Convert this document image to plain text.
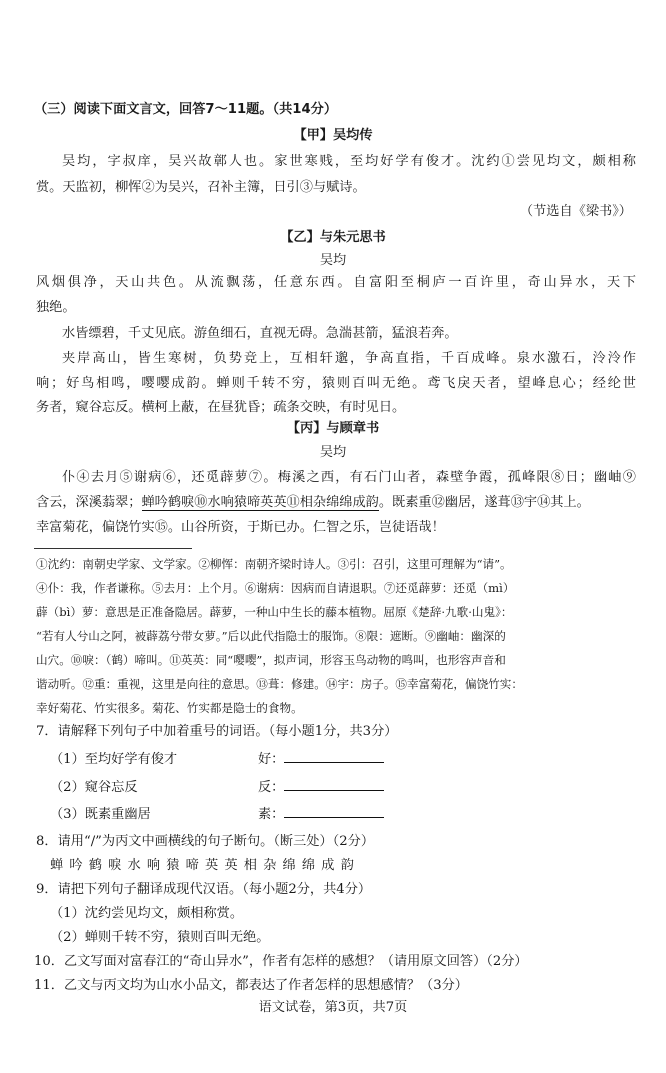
（三）阅读下面文言文，回答7～11题。（共14分）
【甲】吴均传
吴均，字叔庠，吴兴故鄣人也。家世寒贱，至均好学有俊才。沈约①尝见均文，颇相称
赏。天监初，柳恽②为吴兴，召补主簿，日引③与赋诗。
（节选自《梁书》）
【乙】与朱元思书
吴均
风烟俱净，天山共色。从流飘荡，任意东西。自富阳至桐庐一百许里，奇山异水，天下
独绝。
水皆缥碧，千丈见底。游鱼细石，直视无碍。急湍甚箭，猛浪若奔。
夹岸高山，皆生寒树，负势竞上，互相轩邈，争高直指，千百成峰。泉水激石，泠泠作
响；好鸟相鸣，嘤嘤成韵。蝉则千转不穷，猿则百叫无绝。鸢飞戾天者，望峰息心；经纶世
务者，窥谷忘反。横柯上蔽，在昼犹昏；疏条交映，有时见日。
【丙】与顾章书
吴均
仆④去月⑤谢病⑥，还觅薜萝⑦。梅溪之西，有石门山者，森壁争霞，孤峰限⑧日；幽岫⑨
含云，深溪蓊翠；蝉吟鹤唳⑩水响猿啼英英⑪相杂绵绵成韵。既素重⑫幽居，遂葺⑬宇⑭其上。
幸富菊花，偏饶竹实⑮。山谷所资，于斯已办。仁智之乐，岂徒语哉！
①沈约：南朝史学家、文学家。②柳恽：南朝齐梁时诗人。③引：召引，这里可理解为“请”。
④仆：我，作者谦称。⑤去月：上个月。⑥谢病：因病而自请退职。⑦还觅薜萝：还觅（mì）
薜（bì）萝：意思是正准备隐居。薜萝，一种山中生长的藤本植物。屈原《楚辞·九歌·山鬼》：
“若有人兮山之阿，被薜荔兮带女萝。”后以此代指隐士的服饰。⑧限：遮断。⑨幽岫：幽深的
山穴。⑩唳：（鹤）啼叫。⑪英英：同“嘤嘤”，拟声词，形容玉鸟动物的鸣叫，也形容声音和
谐动听。⑫重：重视，这里是向往的意思。⑬葺：修建。⑭宇：房子。⑮幸富菊花，偏饶竹实：
幸好菊花、竹实很多。菊花、竹实都是隐士的食物。
7．请解释下列句子中加着重号的词语。（每小题1分，共3分）
（1）至均好学有俊才	好：
（2）窥谷忘反	反：
（3）既素重幽居	素：
8．请用“/”为丙文中画横线的句子断句。（断三处）（2分）
蝉 吟 鹤 唳 水 响 猿 啼 英 英 相 杂 绵 绵 成 韵
9．请把下列句子翻译成现代汉语。（每小题2分，共4分）
（1）沈约尝见均文，颇相称赏。
（2）蝉则千转不穷，猿则百叫无绝。
10．乙文写面对富春江的“奇山异水”，作者有怎样的感想？（请用原文回答）（2分）
11．乙文与丙文均为山水小品文，都表达了作者怎样的思想感情？（3分）
语文试卷，第3页，共7页
